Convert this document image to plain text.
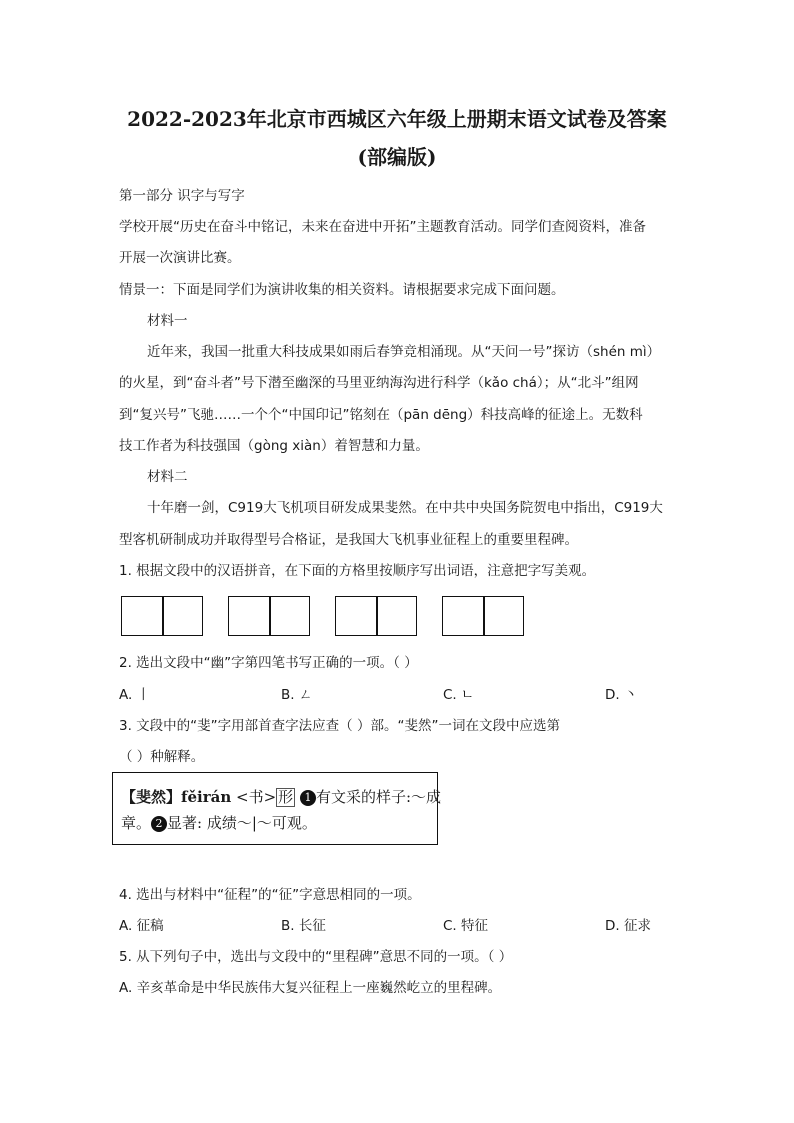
2022-2023年北京市西城区六年级上册期末语文试卷及答案
(部编版)
第一部分 识字与写字
学校开展“历史在奋斗中铭记，未来在奋进中开拓”主题教育活动。同学们查阅资料，准备
开展一次演讲比赛。
情景一：下面是同学们为演讲收集的相关资料。请根据要求完成下面问题。
材料一
近年来，我国一批重大科技成果如雨后春笋竞相涌现。从“天问一号”探访（shén mì）
的火星，到“奋斗者”号下潜至幽深的马里亚纳海沟进行科学（kǎo chá）；从“北斗”组网
到“复兴号”飞驰……一个个“中国印记”铭刻在（pān dēng）科技高峰的征途上。无数科
技工作者为科技强国（gòng xiàn）着智慧和力量。
材料二
十年磨一剑，C919大飞机项目研发成果斐然。在中共中央国务院贺电中指出，C919大
型客机研制成功并取得型号合格证，是我国大飞机事业征程上的重要里程碑。
1. 根据文段中的汉语拼音，在下面的方格里按顺序写出词语，注意把字写美观。
2. 选出文段中“幽”字第四笔书写正确的一项。（ ）
A. 丨	B. ㄥ	C. ㄴ	D. 丶
3. 文段中的“斐”字用部首查字法应查（ ）部。“斐然”一词在文段中应选第
（ ）种解释。
【斐然】fěirán <书> 形 1 有文采的样子:～成
章。 2 显著: 成绩～|～可观。
4. 选出与材料中“征程”的“征”字意思相同的一项。
A. 征稿	B. 长征	C. 特征	D. 征求
5. 从下列句子中，选出与文段中的“里程碑”意思不同的一项。（ ）
A. 辛亥革命是中华民族伟大复兴征程上一座巍然屹立的里程碑。
